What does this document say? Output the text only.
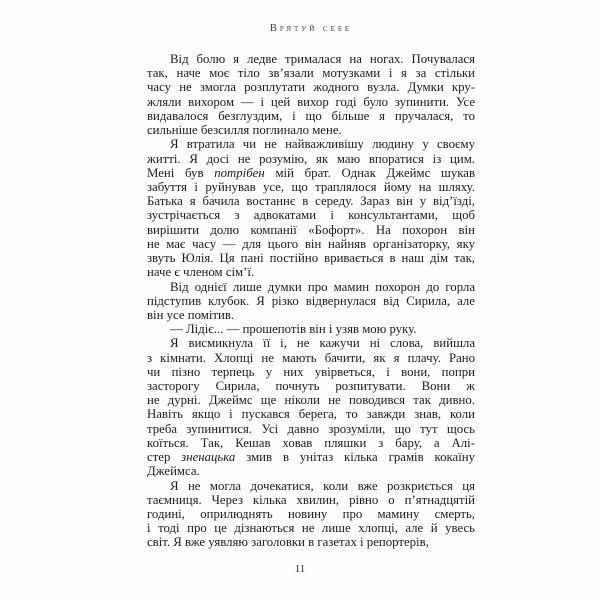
Врятуй себе
Від болю я ледве трималася на ногах. Почувалася
так, наче моє тіло зв’язали мотузками і я за стільки
часу не змогла розплутати жодного вузла. Думки кру-
жляли вихором — і цей вихор годі було зупинити. Усе
видавалося безглуздим, і що більше я пручалася, то
сильніше безсилля поглинало мене.
Я втратила чи не найважливішу людину у своєму
житті. Я досі не розумію, як маю впоратися із цим.
Мені був потрібен мій брат. Однак Джеймс шукав
забуття і руйнував усе, що траплялося йому на шляху.
Батька я бачила востаннє в середу. Зараз він у від’їзді,
зустрічається з адвокатами і консультантами, щоб
вирішити долю компанії «Бофорт». На похорон він
не має часу — для цього він найняв організаторку, яку
звуть Юлія. Ця пані постійно вривається в наш дім так,
наче є членом сім’ї.
Від однієї лише думки про мамин похорон до горла
підступив клубок. Я різко відвернулася від Сирила, але
він усе помітив.
— Лідіє... — прошепотів він і узяв мою руку.
Я висмикнула її і, не кажучи ні слова, вийшла
з кімнати. Хлопці не мають бачити, як я плачу. Рано
чи пізно терпець у них увірветься, і вони, попри
засторогу Сирила, почнуть розпитувати. Вони ж
не дурні. Джеймс ще ніколи не поводився так дивно.
Навіть якщо і пускався берега, то завжди знав, коли
треба зупинитися. Усі давно зрозуміли, що тут щось
коїться. Так, Кешав ховав пляшки з бару, а Алі-
стер зненацька змив в унітаз кілька грамів кокаїну
Джеймса.
Я не могла дочекатися, коли вже розкриється ця
таємниця. Через кілька хвилин, рівно о п’ятнадцятій
годині, оприлюднять новину про мамину смерть,
і тоді про це дізнаються не лише хлопці, але й увесь
світ. Я вже уявляю заголовки в газетах і репортерів,
11
